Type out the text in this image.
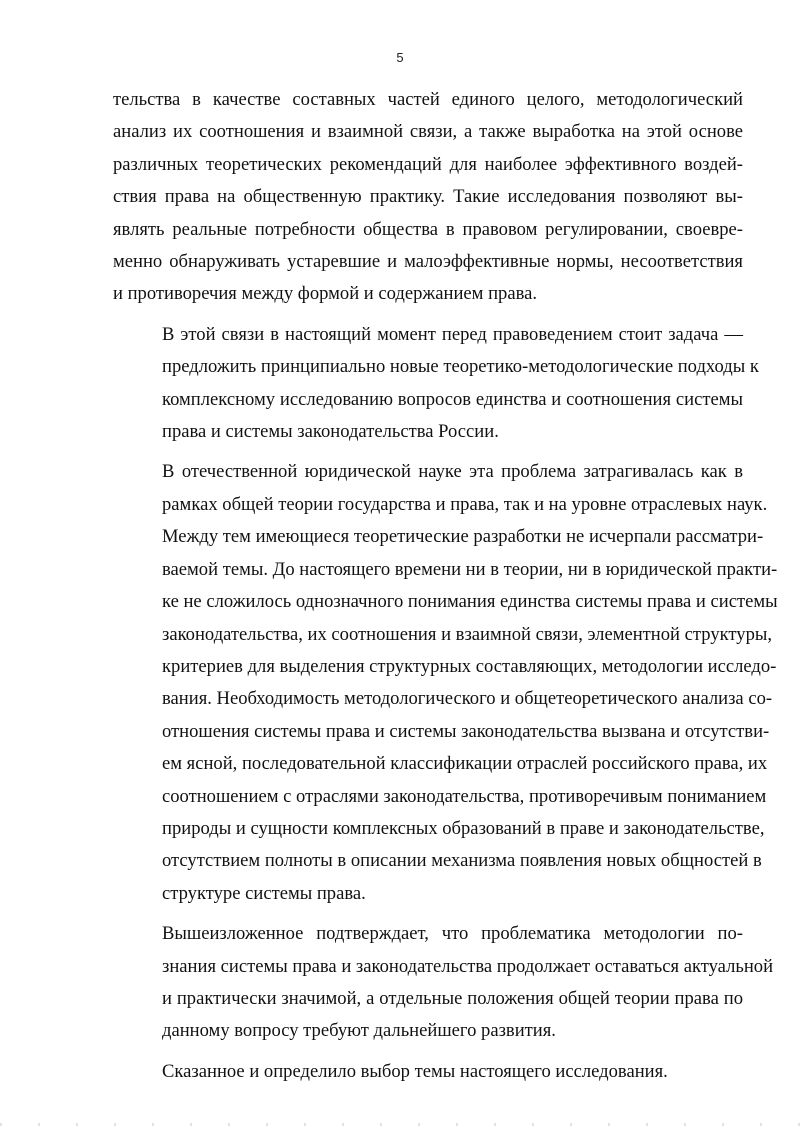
5

тельства в качестве составных частей единого целого, методологический
анализ их соотношения и взаимной связи, а также выработка на этой основе
различных теоретических рекомендаций для наиболее эффективного воздей-
ствия права на общественную практику. Такие исследования позволяют вы-
являть реальные потребности общества в правовом регулировании, своевре-
менно обнаруживать устаревшие и малоэффективные нормы, несоответствия
и противоречия между формой и содержанием права.

В этой связи в настоящий момент перед правоведением стоит задача —
предложить принципиально новые теоретико-методологические подходы к
комплексному исследованию вопросов единства и соотношения системы
права и системы законодательства России.

В отечественной юридической науке эта проблема затрагивалась как в
рамках общей теории государства и права, так и на уровне отраслевых наук.
Между тем имеющиеся теоретические разработки не исчерпали рассматри-
ваемой темы. До настоящего времени ни в теории, ни в юридической практи-
ке не сложилось однозначного понимания единства системы права и системы
законодательства, их соотношения и взаимной связи, элементной структуры,
критериев для выделения структурных составляющих, методологии исследо-
вания. Необходимость методологического и общетеоретического анализа со-
отношения системы права и системы законодательства вызвана и отсутстви-
ем ясной, последовательной классификации отраслей российского права, их
соотношением с отраслями законодательства, противоречивым пониманием
природы и сущности комплексных образований в праве и законодательстве,
отсутствием полноты в описании механизма появления новых общностей в
структуре системы права.

Вышеизложенное подтверждает, что проблематика методологии по-
знания системы права и законодательства продолжает оставаться актуальной
и практически значимой, а отдельные положения общей теории права по
данному вопросу требуют дальнейшего развития.

Сказанное и определило выбор темы настоящего исследования.
